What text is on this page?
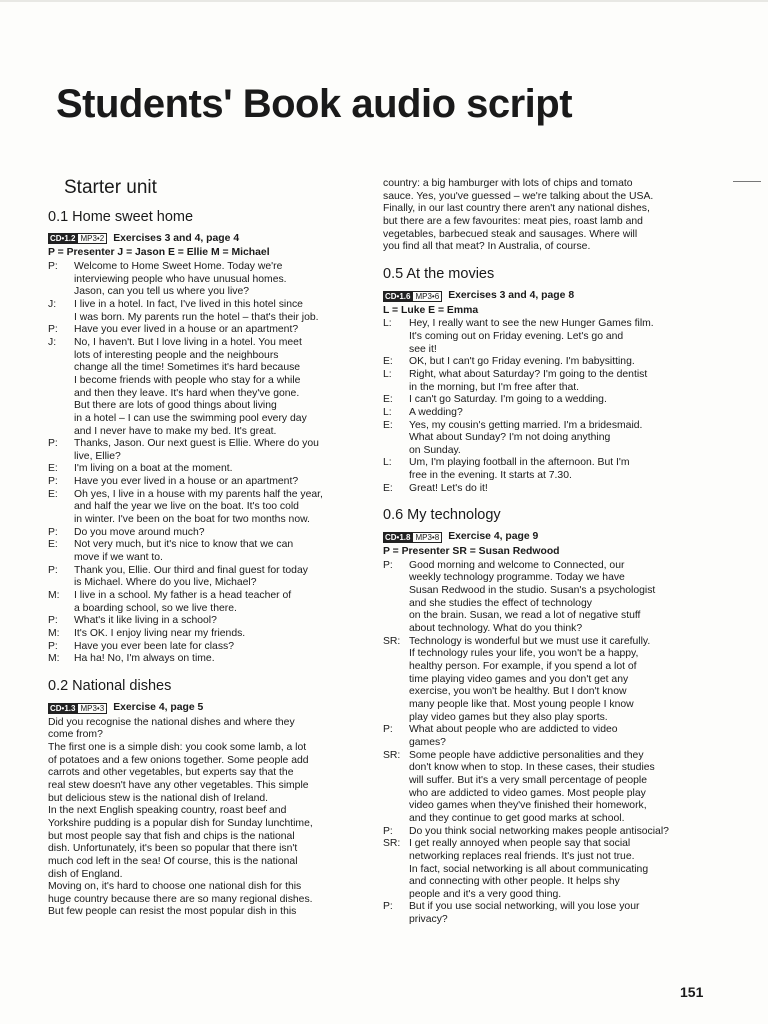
Students' Book audio script
Starter unit
0.1 Home sweet home
CD•1.2 MP3•2 Exercises 3 and 4, page 4
P = Presenter J = Jason E = Ellie M = Michael
P:	Welcome to Home Sweet Home. Today we're
interviewing people who have unusual homes.
Jason, can you tell us where you live?
J:	I live in a hotel. In fact, I've lived in this hotel since
I was born. My parents run the hotel – that's their job.
P:	Have you ever lived in a house or an apartment?
J:	No, I haven't. But I love living in a hotel. You meet
lots of interesting people and the neighbours
change all the time! Sometimes it's hard because
I become friends with people who stay for a while
and then they leave. It's hard when they've gone.
But there are lots of good things about living
in a hotel – I can use the swimming pool every day
and I never have to make my bed. It's great.
P:	Thanks, Jason. Our next guest is Ellie. Where do you
live, Ellie?
E:	I'm living on a boat at the moment.
P:	Have you ever lived in a house or an apartment?
E:	Oh yes, I live in a house with my parents half the year,
and half the year we live on the boat. It's too cold
in winter. I've been on the boat for two months now.
P:	Do you move around much?
E:	Not very much, but it's nice to know that we can
move if we want to.
P:	Thank you, Ellie. Our third and final guest for today
is Michael. Where do you live, Michael?
M:	I live in a school. My father is a head teacher of
a boarding school, so we live there.
P:	What's it like living in a school?
M:	It's OK. I enjoy living near my friends.
P:	Have you ever been late for class?
M:	Ha ha! No, I'm always on time.
0.2 National dishes
CD•1.3 MP3•3 Exercise 4, page 5
Did you recognise the national dishes and where they
come from?
The first one is a simple dish: you cook some lamb, a lot
of potatoes and a few onions together. Some people add
carrots and other vegetables, but experts say that the
real stew doesn't have any other vegetables. This simple
but delicious stew is the national dish of Ireland.
In the next English speaking country, roast beef and
Yorkshire pudding is a popular dish for Sunday lunchtime,
but most people say that fish and chips is the national
dish. Unfortunately, it's been so popular that there isn't
much cod left in the sea! Of course, this is the national
dish of England.
Moving on, it's hard to choose one national dish for this
huge country because there are so many regional dishes.
But few people can resist the most popular dish in this
country: a big hamburger with lots of chips and tomato
sauce. Yes, you've guessed – we're talking about the USA.
Finally, in our last country there aren't any national dishes,
but there are a few favourites: meat pies, roast lamb and
vegetables, barbecued steak and sausages. Where will
you find all that meat? In Australia, of course.
0.5 At the movies
CD•1.6 MP3•6 Exercises 3 and 4, page 8
L = Luke E = Emma
L:	Hey, I really want to see the new Hunger Games film.
It's coming out on Friday evening. Let's go and
see it!
E:	OK, but I can't go Friday evening. I'm babysitting.
L:	Right, what about Saturday? I'm going to the dentist
in the morning, but I'm free after that.
E:	I can't go Saturday. I'm going to a wedding.
L:	A wedding?
E:	Yes, my cousin's getting married. I'm a bridesmaid.
What about Sunday? I'm not doing anything
on Sunday.
L:	Um, I'm playing football in the afternoon. But I'm
free in the evening. It starts at 7.30.
E:	Great! Let's do it!
0.6 My technology
CD•1.8 MP3•8 Exercise 4, page 9
P = Presenter SR = Susan Redwood
P:	Good morning and welcome to Connected, our
weekly technology programme. Today we have
Susan Redwood in the studio. Susan's a psychologist
and she studies the effect of technology
on the brain. Susan, we read a lot of negative stuff
about technology. What do you think?
SR: Technology is wonderful but we must use it carefully.
If technology rules your life, you won't be a happy,
healthy person. For example, if you spend a lot of
time playing video games and you don't get any
exercise, you won't be healthy. But I don't know
many people like that. Most young people I know
play video games but they also play sports.
P:	What about people who are addicted to video
games?
SR: Some people have addictive personalities and they
don't know when to stop. In these cases, their studies
will suffer. But it's a very small percentage of people
who are addicted to video games. Most people play
video games when they've finished their homework,
and they continue to get good marks at school.
P:	Do you think social networking makes people antisocial?
SR: I get really annoyed when people say that social
networking replaces real friends. It's just not true.
In fact, social networking is all about communicating
and connecting with other people. It helps shy
people and it's a very good thing.
P:	But if you use social networking, will you lose your
privacy?
151
